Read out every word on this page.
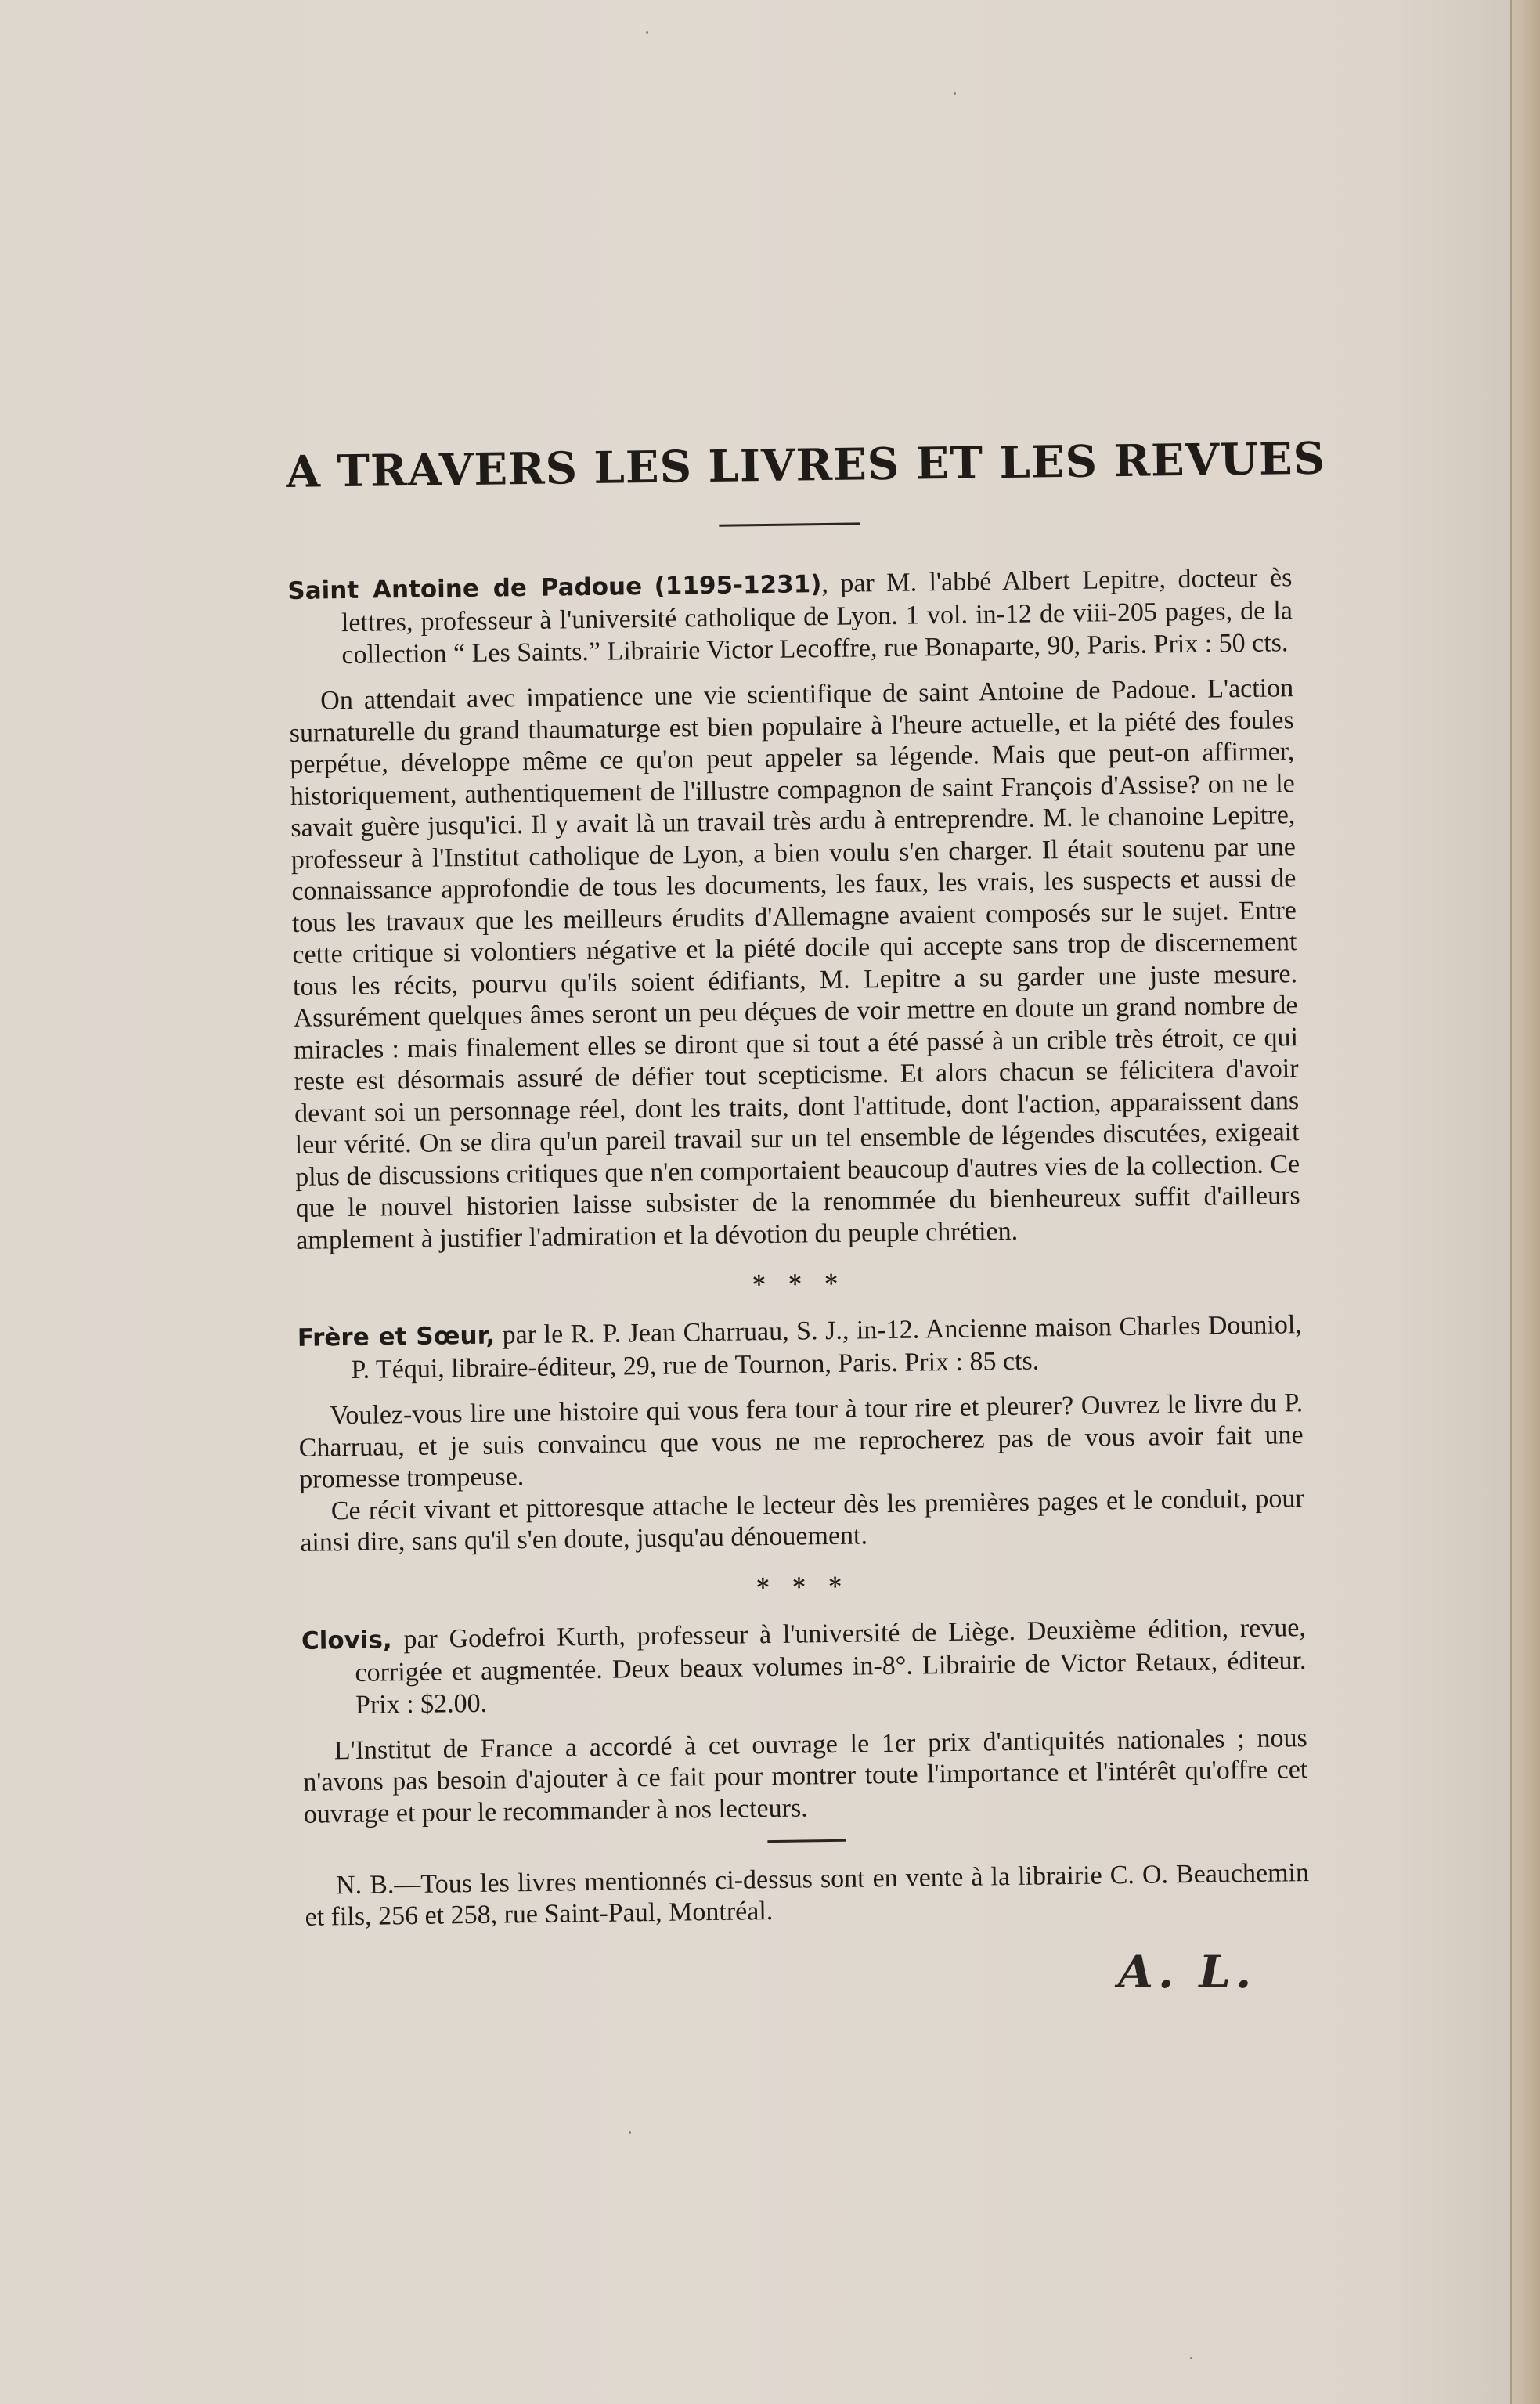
A TRAVERS LES LIVRES ET LES REVUES

Saint Antoine de Padoue (1195-1231), par M. l'abbé Albert Lepitre, docteur ès lettres, professeur à l'université catholique de Lyon. 1 vol. in-12 de viii-205 pages, de la collection “ Les Saints.” Librairie Victor Lecoffre, rue Bonaparte, 90, Paris. Prix : 50 cts.

On attendait avec impatience une vie scientifique de saint Antoine de Padoue. L'action surnaturelle du grand thaumaturge est bien populaire à l'heure actuelle, et la piété des foules perpétue, développe même ce qu'on peut appeler sa légende. Mais que peut-on affirmer, historiquement, authentiquement de l'illustre compagnon de saint François d'Assise? on ne le savait guère jusqu'ici. Il y avait là un travail très ardu à entreprendre. M. le chanoine Lepitre, professeur à l'Institut catholique de Lyon, a bien voulu s'en charger. Il était soutenu par une connaissance approfondie de tous les documents, les faux, les vrais, les suspects et aussi de tous les travaux que les meilleurs érudits d'Allemagne avaient composés sur le sujet. Entre cette critique si volontiers négative et la piété docile qui accepte sans trop de discernement tous les récits, pourvu qu'ils soient édifiants, M. Lepitre a su garder une juste mesure. Assurément quelques âmes seront un peu déçues de voir mettre en doute un grand nombre de miracles : mais finalement elles se diront que si tout a été passé à un crible très étroit, ce qui reste est désormais assuré de défier tout scepticisme. Et alors chacun se félicitera d'avoir devant soi un personnage réel, dont les traits, dont l'attitude, dont l'action, apparaissent dans leur vérité. On se dira qu'un pareil travail sur un tel ensemble de légendes discutées, exigeait plus de discussions critiques que n'en comportaient beaucoup d'autres vies de la collection. Ce que le nouvel historien laisse subsister de la renommée du bienheureux suffit d'ailleurs amplement à justifier l'admiration et la dévotion du peuple chrétien.

* * *

Frère et Sœur, par le R. P. Jean Charruau, S. J., in-12. Ancienne maison Charles Douniol, P. Téqui, libraire-éditeur, 29, rue de Tournon, Paris. Prix : 85 cts.

Voulez-vous lire une histoire qui vous fera tour à tour rire et pleurer? Ouvrez le livre du P. Charruau, et je suis convaincu que vous ne me reprocherez pas de vous avoir fait une promesse trompeuse.

Ce récit vivant et pittoresque attache le lecteur dès les premières pages et le conduit, pour ainsi dire, sans qu'il s'en doute, jusqu'au dénouement.

* * *

Clovis, par Godefroi Kurth, professeur à l'université de Liège. Deuxième édition, revue, corrigée et augmentée. Deux beaux volumes in-8°. Librairie de Victor Retaux, éditeur. Prix : $2.00.

L'Institut de France a accordé à cet ouvrage le 1er prix d'antiquités nationales ; nous n'avons pas besoin d'ajouter à ce fait pour montrer toute l'importance et l'intérêt qu'offre cet ouvrage et pour le recommander à nos lecteurs.

N. B.—Tous les livres mentionnés ci-dessus sont en vente à la librairie C. O. Beauchemin et fils, 256 et 258, rue Saint-Paul, Montréal.

A. L.
